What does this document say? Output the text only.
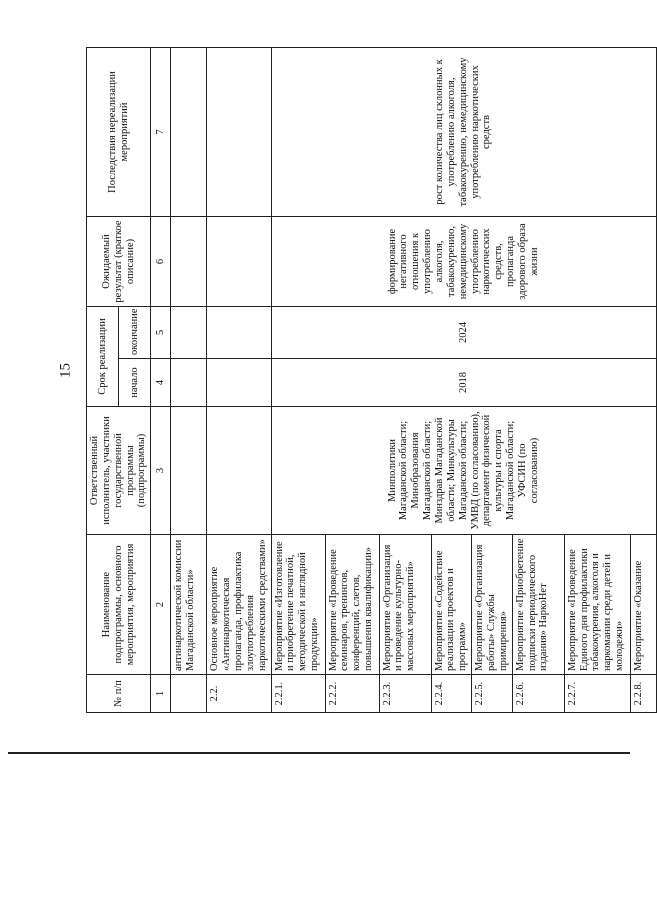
15
№ п/п	Наименование подпрограммы, основного мероприятия, мероприятия	Ответственный исполнитель, участники государственной программы (подпрограммы)	Срок реализации		Ожидаемый результат (краткое описание)	Последствия нереализации мероприятий
			начало	окончание		
1	2	3	4	5	6	7
	антинаркотической комиссии Магаданской области»					
2.2.	Основное мероприятие «Антинаркотическая пропаганда, профилактика злоупотребления наркотическими средствами»					
2.2.1.	Мероприятие «Изготовление и приобретение печатной, методической и наглядной продукции»	Минполитики Магаданской области; Минобразования Магаданской области; Минздрав Магаданской области; Минкультуры Магаданской области; УМВД (по согласованию), департамент физической культуры и спорта Магаданской области; УФСИН (по согласованию)	2018	2024	формирование негативного отношения к употреблению алкоголя, табакокурению, немедицинскому употреблению наркотических средств, пропаганда здорового образа жизни	рост количества лиц склонных к употреблению алкоголя, табакокурению, немедицинскому употреблению наркотических средств
2.2.2.	Мероприятие «Проведение семинаров, тренингов, конференций, слетов, повышения квалификации»					
2.2.3.	Мероприятие «Организация и проведение культурно-массовых мероприятий»					
2.2.4.	Мероприятие «Содействие реализации проектов и программ»					
2.2.5.	Мероприятие «Организация работы» Службы примирения»					
2.2.6.	Мероприятие «Приобретение подписки периодического издания» НаркоНет					
2.2.7.	Мероприятие «Проведение Единого дня профилактики табакокурения, алкоголя и наркомании среди детей и молодежи»					
2.2.8.	Мероприятие «Оказание					
